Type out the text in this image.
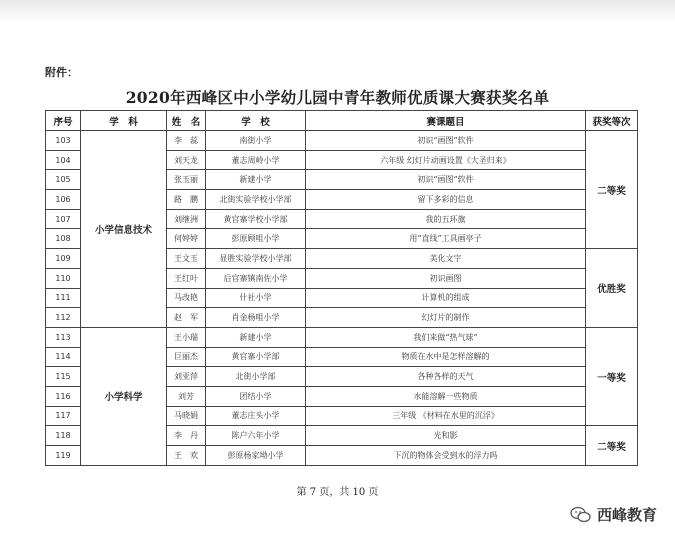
附件：
2020年西峰区中小学幼儿园中青年教师优质课大赛获奖名单
序号	学　科	姓　名	学　校	赛课题目	获奖等次
103	小学信息技术	李　蕊	南街小学	初识“画图”软件	二等奖
104		刘天龙	董志周岭小学	六年级 幻灯片动画设置《大圣归来》	
105		张玉丽	新建小学	初识“画图”软件	
106		路　鹏	北街实验学校小学部	留下多彩的信息	
107		刘继洲	黄官寨学校小学部	我的五环旗	
108		何婷婷	彭原顾咀小学	用“直线”工具画亭子	
109		王文玉	显胜实验学校小学部	美化文字	优胜奖
110		王红叶	后官寨镇南佐小学	初识画图	
111		马改艳	什社小学	计算机的组成	
112		赵　军	肖金杨咀小学	幻灯片的制作	
113	小学科学	王小瑞	新建小学	我们来做“热气球”	一等奖
114		巨丽杰	黄官寨小学部	物质在水中是怎样溶解的	
115		刘亚萍	北街小学部	各种各样的天气	
116		刘芳	团结小学	水能溶解一些物质	
117		马晓娟	董志庄头小学	三年级 《材料在水里的沉浮》	
118		李　丹	陈户六年小学	光和影	二等奖
119		王　欢	彭原杨家坳小学	下沉的物体会受到水的浮力吗	
第 7 页，共 10 页
西峰教育
